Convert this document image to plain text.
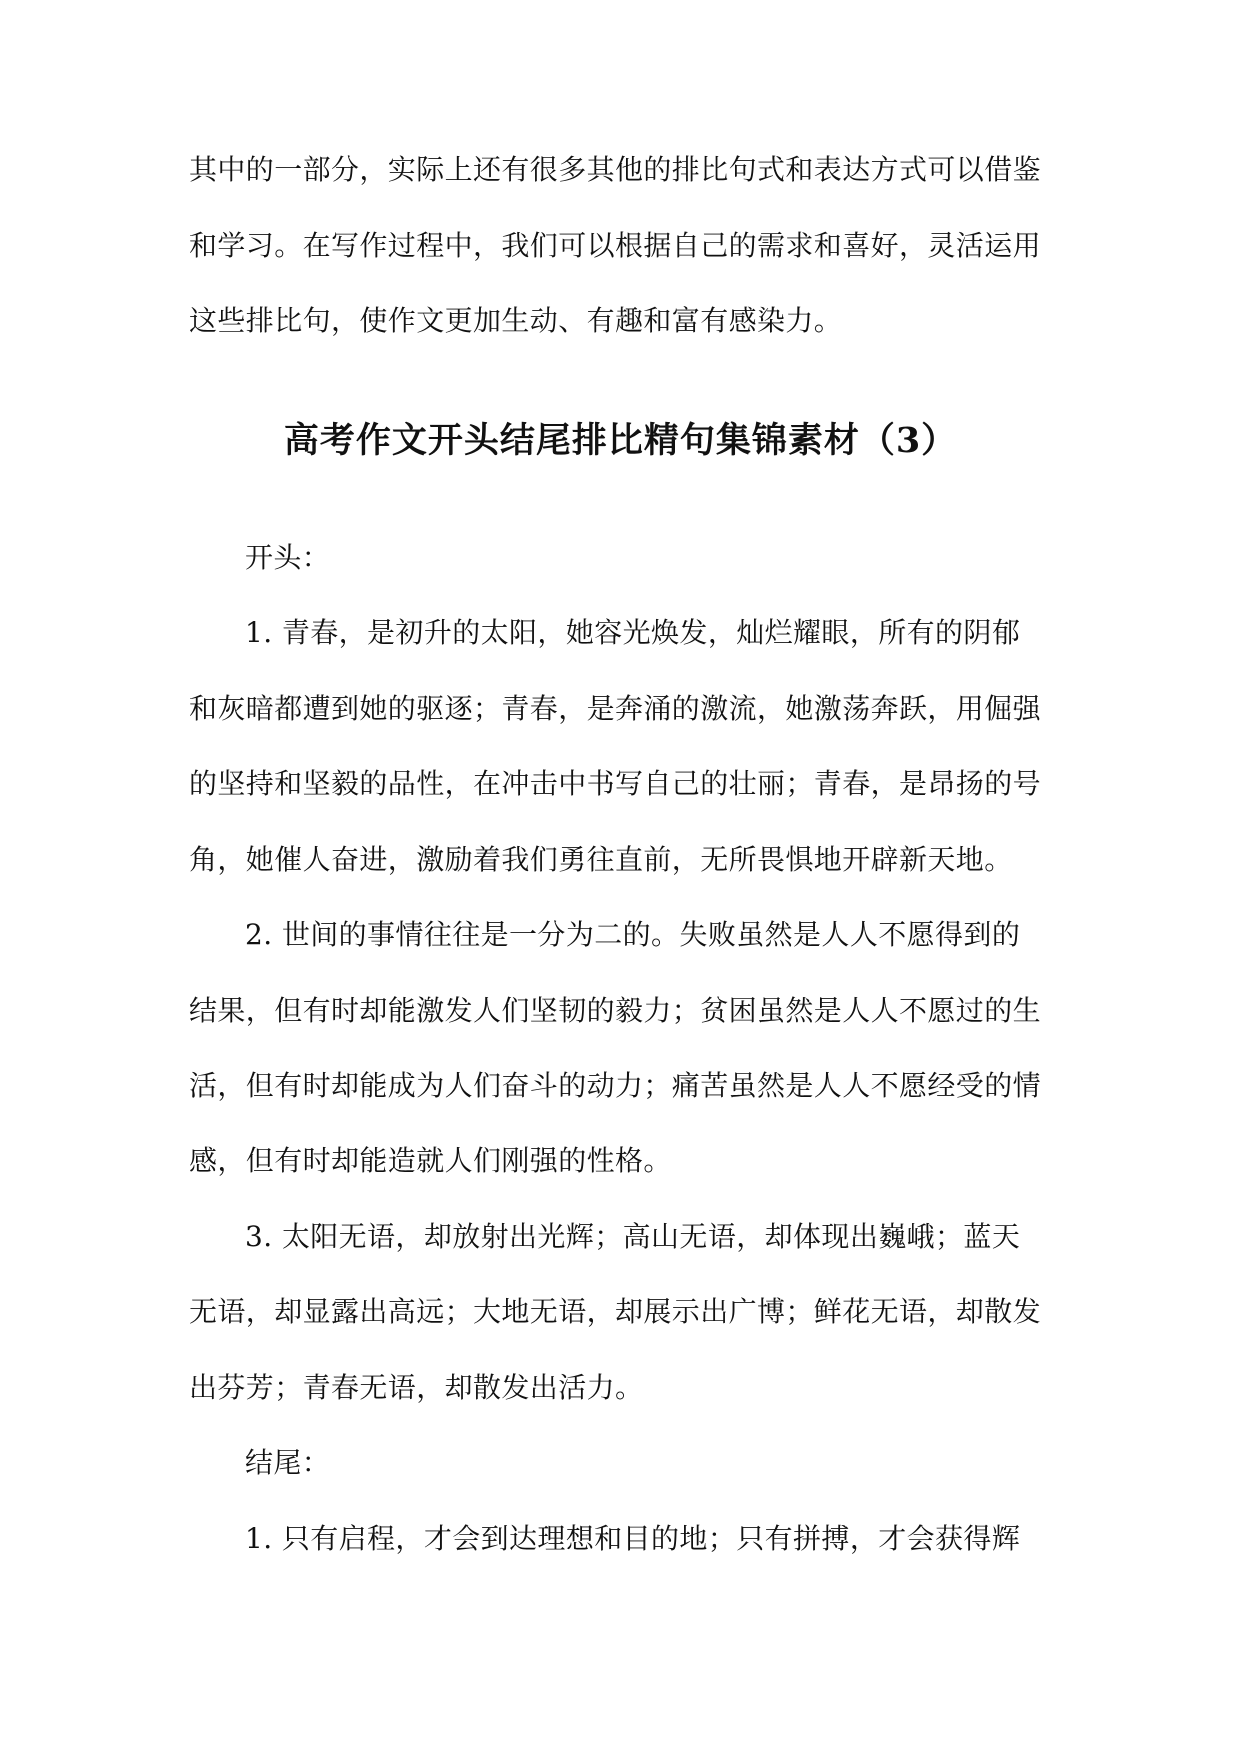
其中的一部分，实际上还有很多其他的排比句式和表达方式可以借鉴
和学习。在写作过程中，我们可以根据自己的需求和喜好，灵活运用
这些排比句，使作文更加生动、有趣和富有感染力。
高考作文开头结尾排比精句集锦素材（3）
开头：
1. 青春，是初升的太阳，她容光焕发，灿烂耀眼，所有的阴郁
和灰暗都遭到她的驱逐；青春，是奔涌的激流，她激荡奔跃，用倔强
的坚持和坚毅的品性，在冲击中书写自己的壮丽；青春，是昂扬的号
角，她催人奋进，激励着我们勇往直前，无所畏惧地开辟新天地。
2. 世间的事情往往是一分为二的。失败虽然是人人不愿得到的
结果，但有时却能激发人们坚韧的毅力；贫困虽然是人人不愿过的生
活，但有时却能成为人们奋斗的动力；痛苦虽然是人人不愿经受的情
感，但有时却能造就人们刚强的性格。
3. 太阳无语，却放射出光辉；高山无语，却体现出巍峨；蓝天
无语，却显露出高远；大地无语，却展示出广博；鲜花无语，却散发
出芬芳；青春无语，却散发出活力。
结尾：
1. 只有启程，才会到达理想和目的地；只有拼搏，才会获得辉
